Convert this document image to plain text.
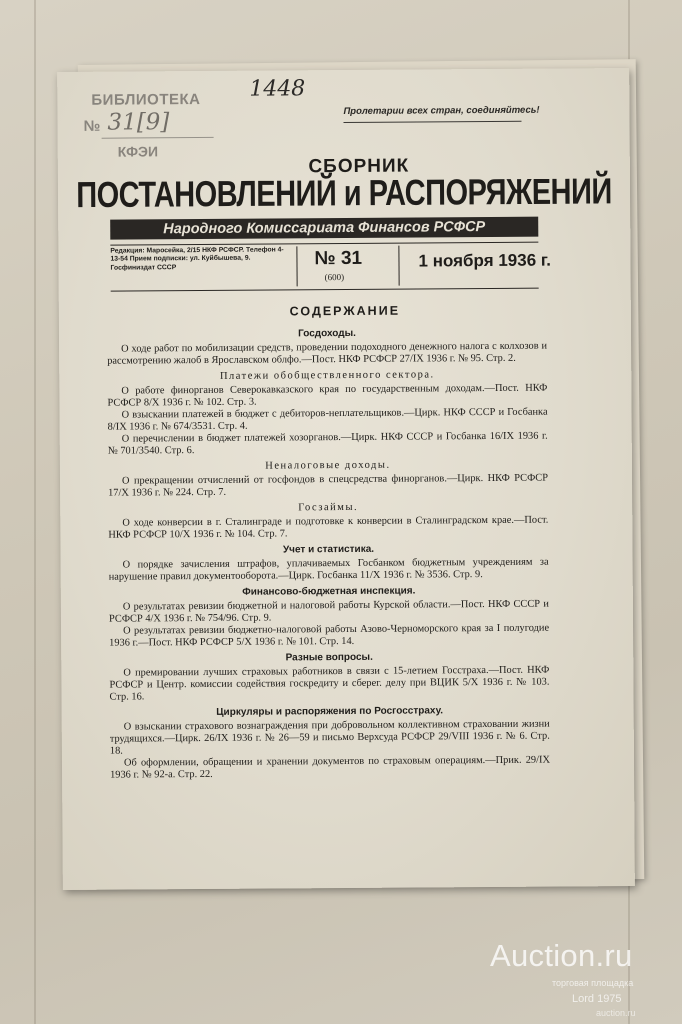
БИБЛИОТЕКА
№ 31[9]
КФЭИ
1448
Пролетарии всех стран, соединяйтесь!
СБОРНИК
ПОСТАНОВЛЕНИЙ и РАСПОРЯЖЕНИЙ
Народного Комиссариата Финансов РСФСР
Редакция: Маросейка, 2/15 НКФ РСФСР. Телефон 4-13-54 Прием подписки: ул. Куйбышева, 9. Госфиниздат СССР	№ 31
(600)
1 ноября 1936 г.
СОДЕРЖАНИЕ
Госдоходы.

О ходе работ по мобилизации средств, проведении подоходного денежного налога с колхозов и рассмотрению жалоб в Ярославском облфо.—Пост. НКФ РСФСР 27/IX 1936 г. № 95. Стр. 2.

Платежи обобществленного сектора.

О работе финорганов Северокавказского края по государственным доходам.—Пост. НКФ РСФСР 8/X 1936 г. № 102. Стр. 3.

О взыскании платежей в бюджет с дебиторов-неплательщиков.—Цирк. НКФ СССР и Госбанка 8/IX 1936 г. № 674/3531. Стр. 4.

О перечислении в бюджет платежей хозорганов.—Цирк. НКФ СССР и Госбанка 16/IX 1936 г. № 701/3540. Стр. 6.

Неналоговые доходы.

О прекращении отчислений от госфондов в спецсредства финорганов.—Цирк. НКФ РСФСР 17/X 1936 г. № 224. Стр. 7.

Госзаймы.

О ходе конверсии в г. Сталинграде и подготовке к конверсии в Сталинградском крае.—Пост. НКФ РСФСР 10/X 1936 г. № 104. Стр. 7.

Учет и статистика.

О порядке зачисления штрафов, уплачиваемых Госбанком бюджетным учреждениям за нарушение правил документооборота.—Цирк. Госбанка 11/X 1936 г. № 3536. Стр. 9.

Финансово-бюджетная инспекция.

О результатах ревизии бюджетной и налоговой работы Курской области.—Пост. НКФ СССР и РСФСР 4/X 1936 г. № 754/96. Стр. 9.

О результатах ревизии бюджетно-налоговой работы Азово-Черноморского края за I полугодие 1936 г.—Пост. НКФ РСФСР 5/X 1936 г. № 101. Стр. 14.

Разные вопросы.

О премировании лучших страховых работников в связи с 15-летием Госстраха.—Пост. НКФ РСФСР и Центр. комиссии содействия госкредиту и сберег. делу при ВЦИК 5/X 1936 г. № 103. Стр. 16.

Циркуляры и распоряжения по Росгосстраху.

О взыскании страхового вознаграждения при добровольном коллективном страховании жизни трудящихся.—Цирк. 26/IX 1936 г. № 26—59 и письмо Верхсуда РСФСР 29/VIII 1936 г. № 6. Стр. 18.

Об оформлении, обращении и хранении документов по страховым операциям.—Прик. 29/IX 1936 г. № 92-а. Стр. 22.

Auction.ru
торговая площадка
Lord 1975
auction.ru
